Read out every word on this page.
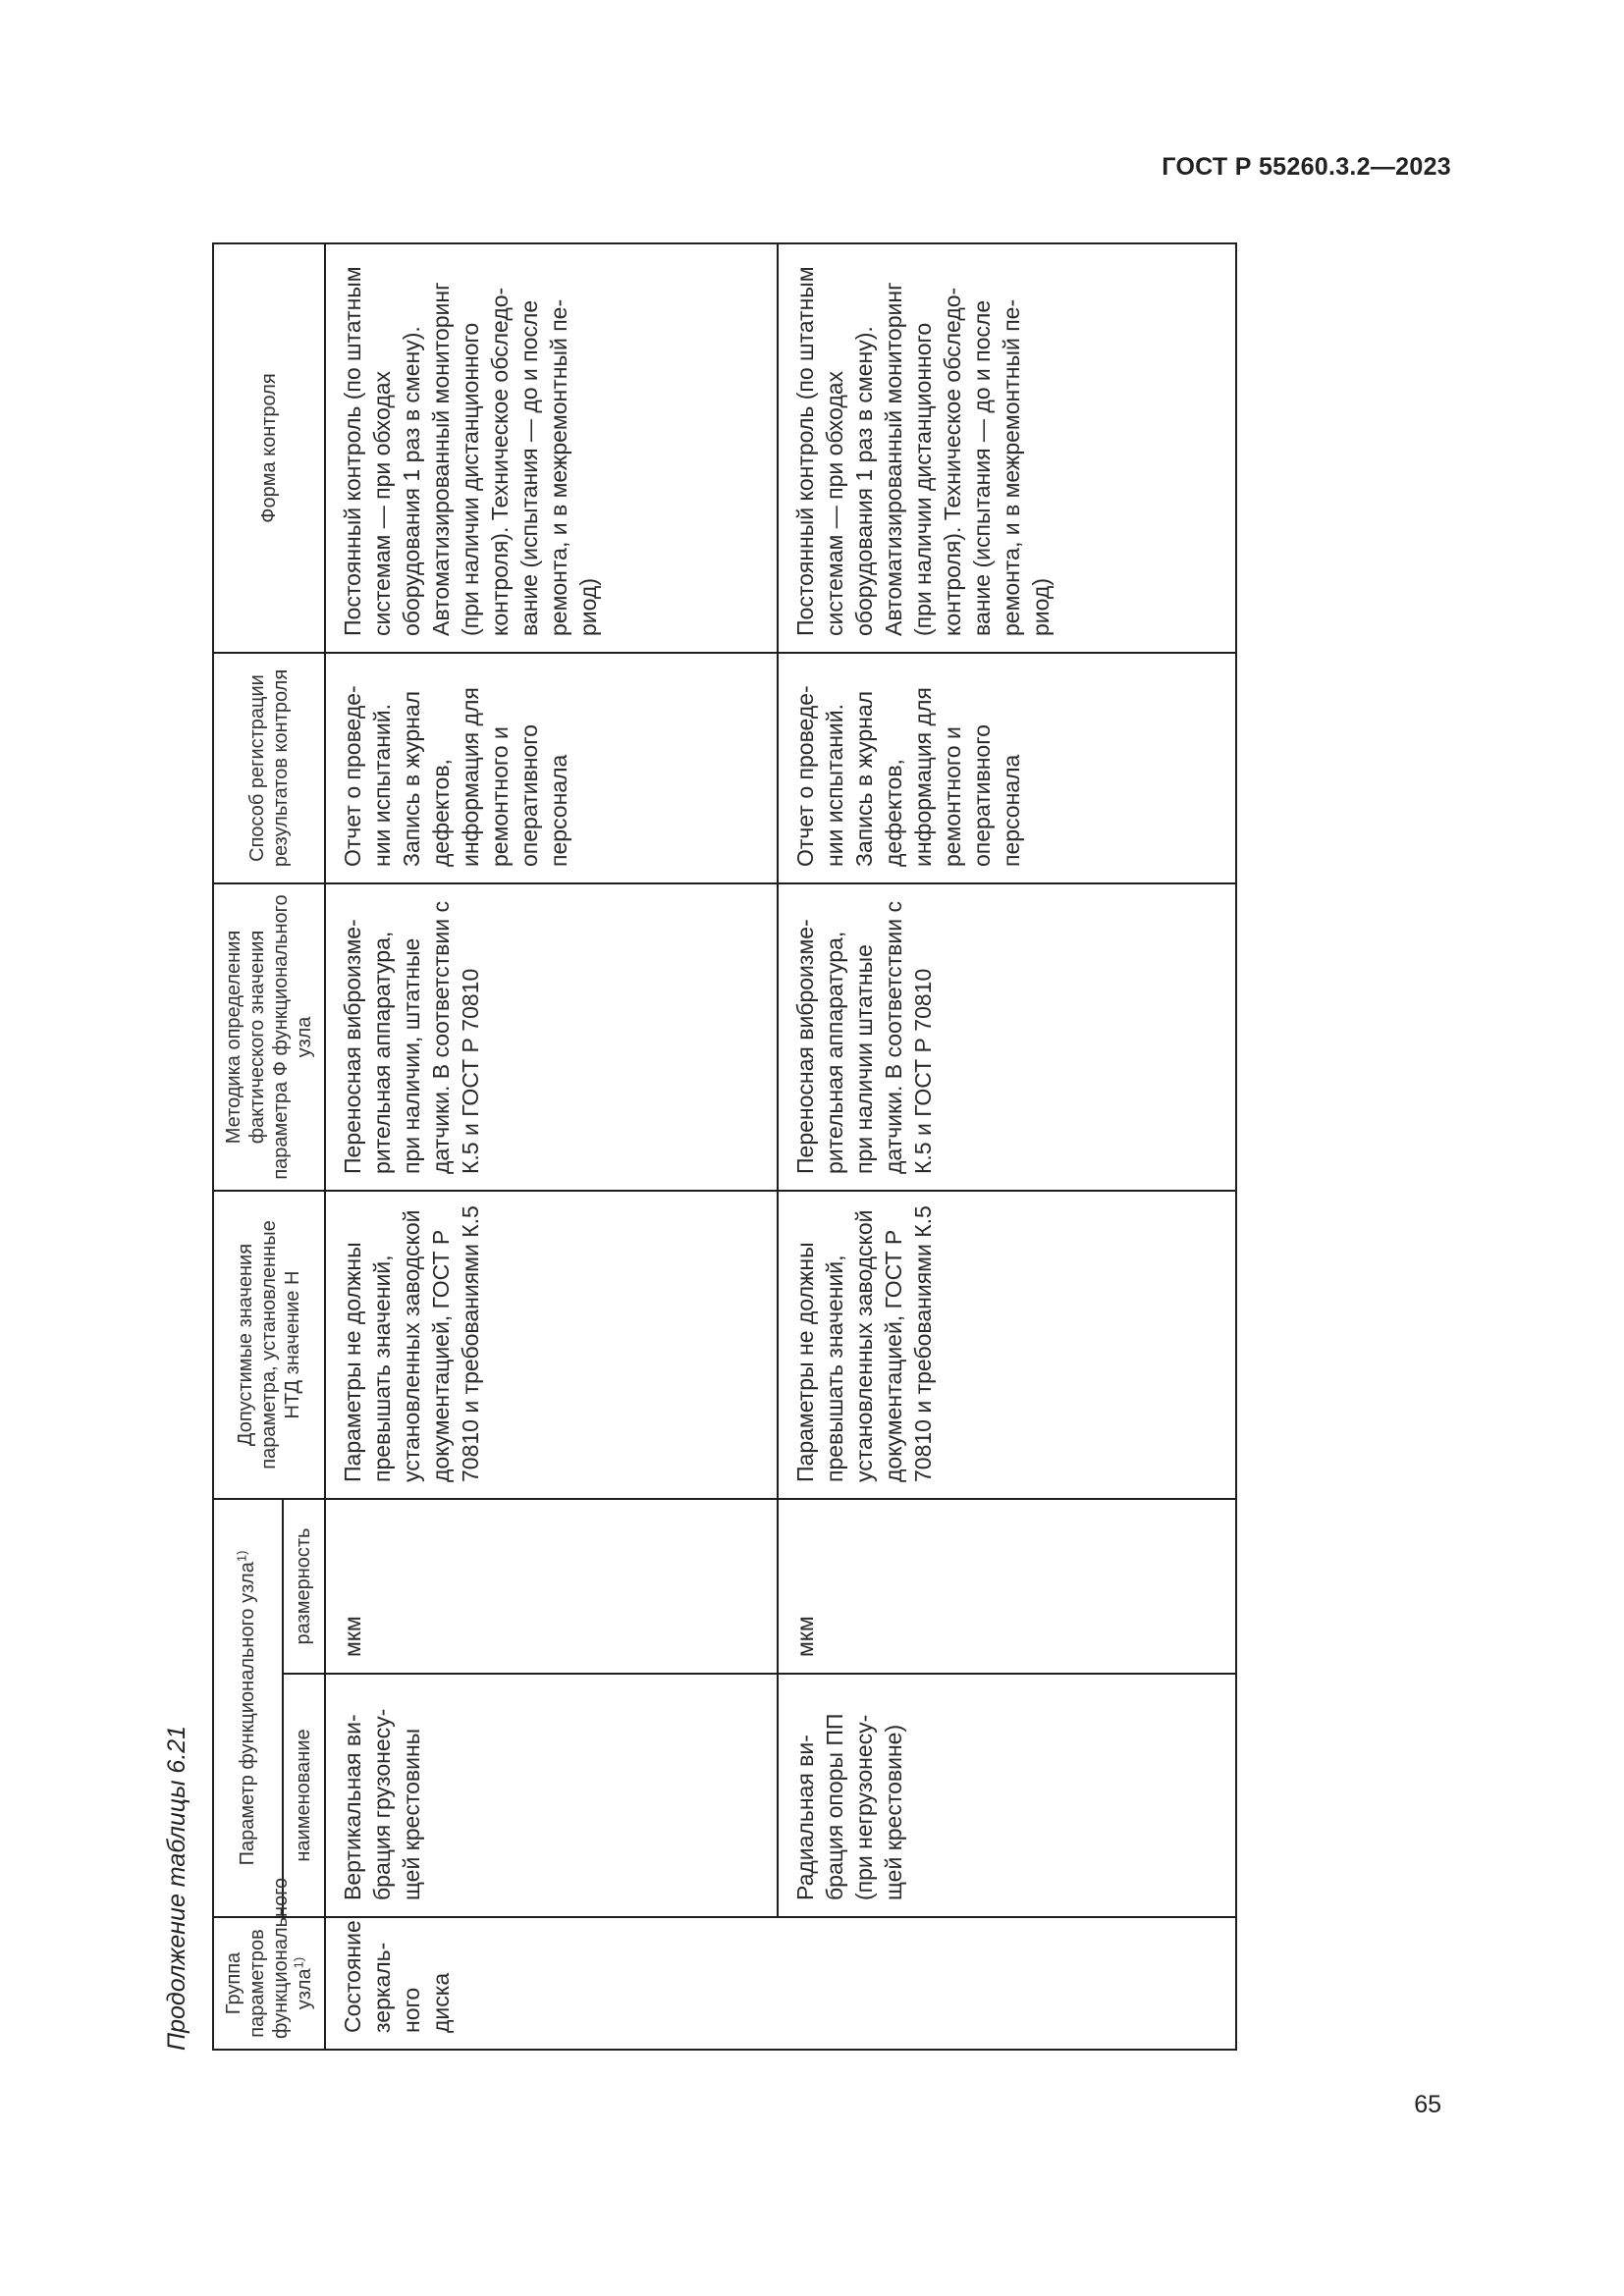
ГОСТ Р 55260.3.2—2023
Продолжение таблицы 6.21	Группа параметров функционального узла$^{1)}$	Параметр функционального узла$^{1)}$		Допустимые значения параметра, установленные НТД значение Н	Методика определения фактического значения параметра Ф функционального узла	Способ регистрации результатов контроля	Форма контроля
	наименование	размерность				
Состояние зеркального диска	Вертикальная вибрация грузонесущей крестовины	мкм	Параметры не должны превышать значений, установленных заводской документацией, ГОСТ Р 70810 и требованиями К.5	Переносная виброизмерительная аппаратура, при наличии, штатные датчики. В соответствии с К.5 и ГОСТ Р 70810	Отчет о проведении испытаний. Запись в журнал дефектов, информация для ремонтного и оперативного персонала	Постоянный контроль (по штатным системам — при обходах оборудования 1 раз в смену). Автоматизированный мониторинг (при наличии дистанционного контроля). Техническое обследование (испытания — до и после ремонта, и в межремонтный период)
	Радиальная вибрация опоры ПП (при негрузонесущей крестовине)	мкм	Параметры не должны превышать значений, установленных заводской документацией, ГОСТ Р 70810 и требованиями К.5	Переносная виброизмерительная аппаратура, при наличии штатные датчики. В соответствии с К.5 и ГОСТ Р 70810	Отчет о проведении испытаний. Запись в журнал дефектов, информация для ремонтного и оперативного персонала	Постоянный контроль (по штатным системам — при обходах оборудования 1 раз в смену). Автоматизированный мониторинг (при наличии дистанционного контроля). Техническое обследование (испытания — до и после ремонта, и в межремонтный период)
65
